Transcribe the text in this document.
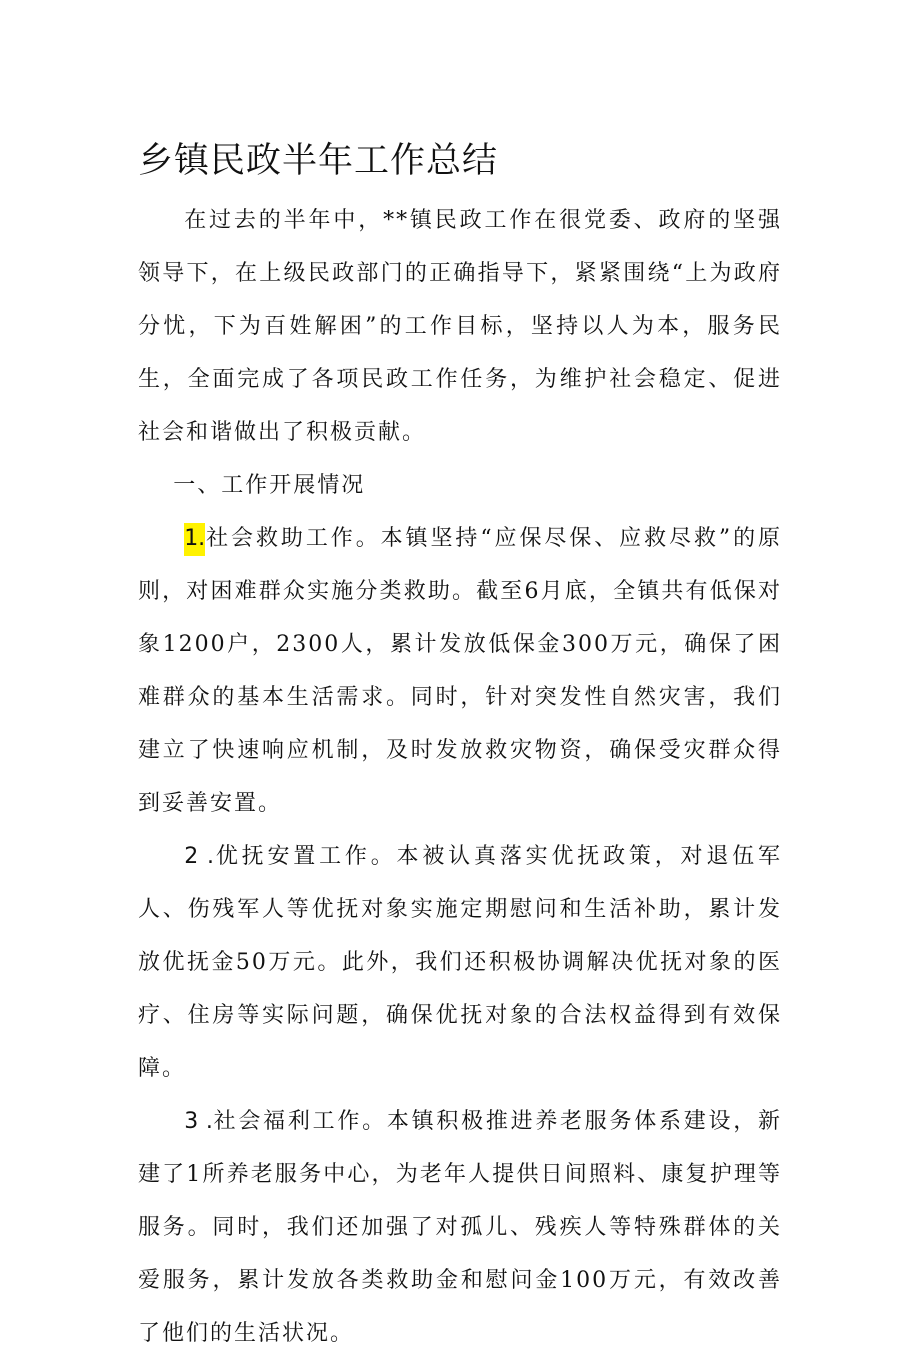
乡镇民政半年工作总结

在过去的半年中，**镇民政工作在很党委、政府的坚强领导下，在上级民政部门的正确指导下，紧紧围绕“上为政府分忧，下为百姓解困”的工作目标，坚持以人为本，服务民生，全面完成了各项民政工作任务，为维护社会稳定、促进社会和谐做出了积极贡献。

一、工作开展情况

1.社会救助工作。本镇坚持“应保尽保、应救尽救”的原则，对困难群众实施分类救助。截至6月底，全镇共有低保对象1200户，2300人，累计发放低保金300万元，确保了困难群众的基本生活需求。同时，针对突发性自然灾害，我们建立了快速响应机制，及时发放救灾物资，确保受灾群众得到妥善安置。

2 .优抚安置工作。本被认真落实优抚政策，对退伍军人、伤残军人等优抚对象实施定期慰问和生活补助，累计发放优抚金50万元。此外，我们还积极协调解决优抚对象的医疗、住房等实际问题，确保优抚对象的合法权益得到有效保障。

3 .社会福利工作。本镇积极推进养老服务体系建设，新建了1所养老服务中心，为老年人提供日间照料、康复护理等服务。同时，我们还加强了对孤儿、残疾人等特殊群体的关爱服务，累计发放各类救助金和慰问金100万元，有效改善了他们的生活状况。
